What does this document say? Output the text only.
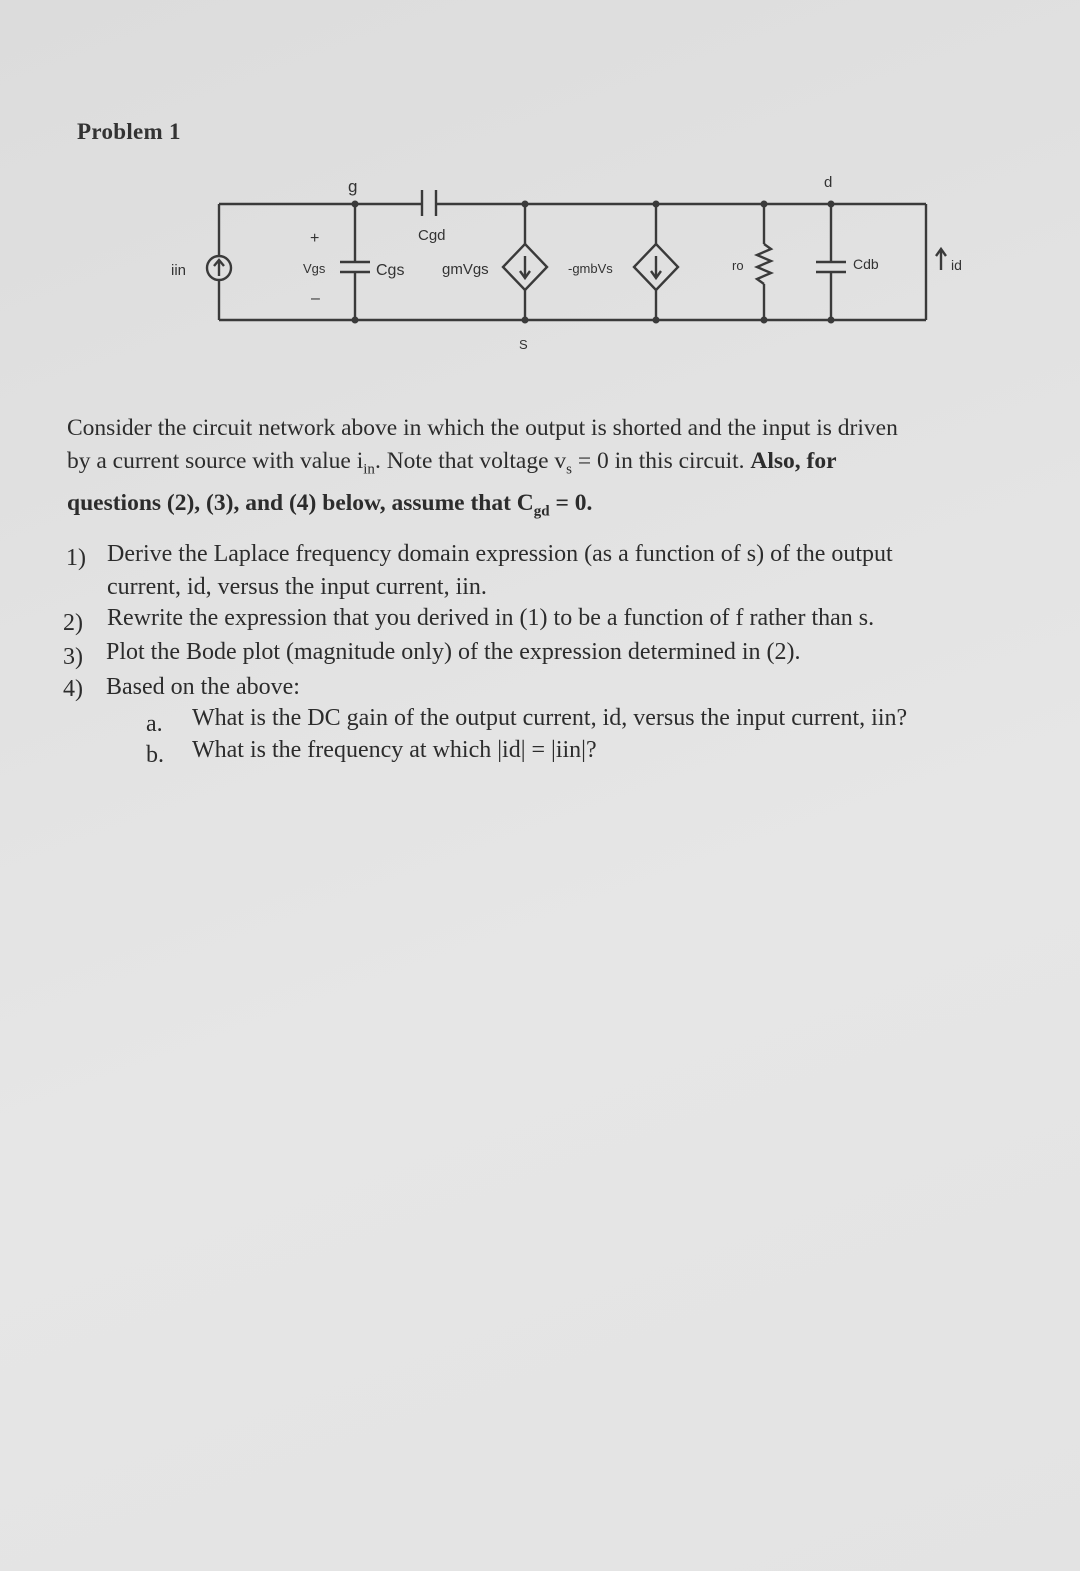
Problem 1
g	d
S
iin
+
Vgs
–
Cgs
Cgd
gmVgs	-gmbVs	ro	Cdb	id
Consider the circuit network above in which the output is shorted and the input is driven
by a current source with value $i_{in}$. Note that voltage $v_s = 0$ in this circuit. Also, for
questions (2), (3), and (4) below, assume that $C_{gd} = 0$.
1) Derive the Laplace frequency domain expression (as a function of s) of the output
current, id, versus the input current, iin.
2) Rewrite the expression that you derived in (1) to be a function of f rather than s.
3) Plot the Bode plot (magnitude only) of the expression determined in (2).
4) Based on the above:
a. What is the DC gain of the output current, id, versus the input current, iin?
b. What is the frequency at which |id| = |iin|?
